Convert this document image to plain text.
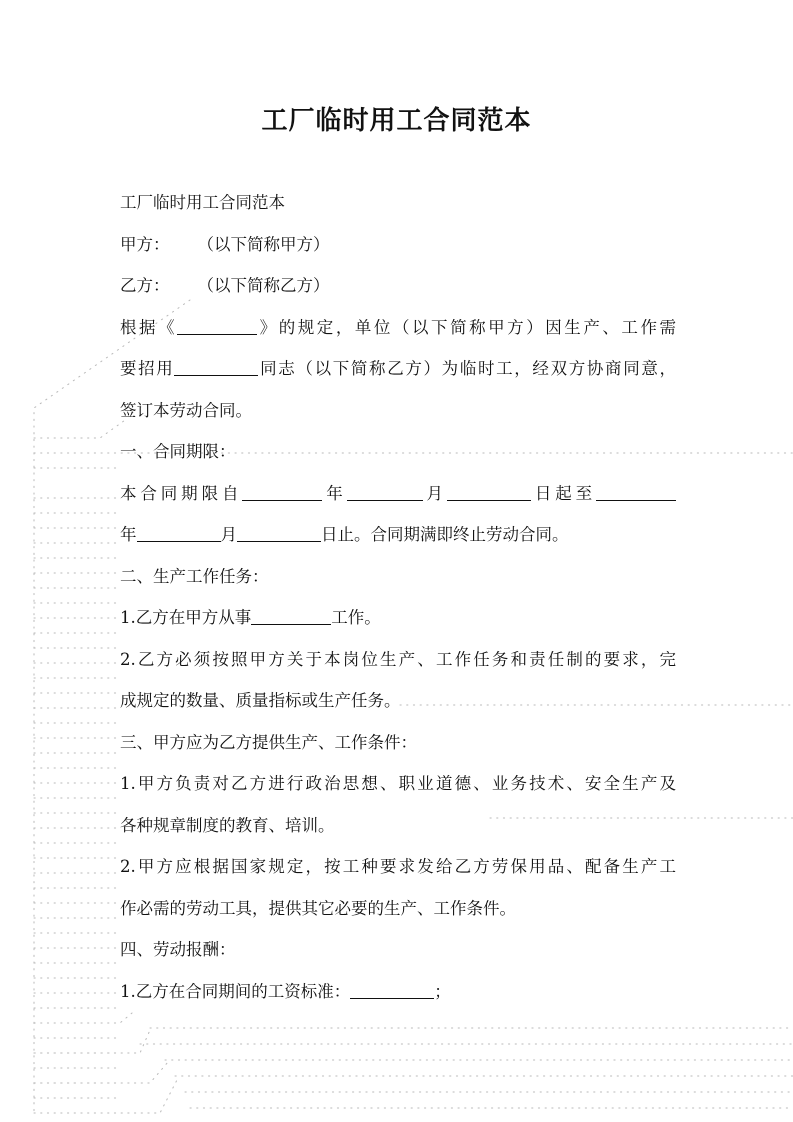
工厂临时用工合同范本
工厂临时用工合同范本
甲方： （以下简称甲方）
乙方： （以下简称乙方）
根据《	》的规定，单位（以下简称甲方）因生产、工作需
要招用	同志（以下简称乙方）为临时工，经双方协商同意，
签订本劳动合同。
一、合同期限：
本合同期限自	年	月	日起至
年	月	日止。合同期满即终止劳动合同。
二、生产工作任务：
1.乙方在甲方从事	工作。
2.乙方必须按照甲方关于本岗位生产、工作任务和责任制的要求，完
成规定的数量、质量指标或生产任务。
三、甲方应为乙方提供生产、工作条件：
1.甲方负责对乙方进行政治思想、职业道德、业务技术、安全生产及
各种规章制度的教育、培训。
2.甲方应根据国家规定，按工种要求发给乙方劳保用品、配备生产工
作必需的劳动工具，提供其它必要的生产、工作条件。
四、劳动报酬：
1.乙方在合同期间的工资标准：	；
